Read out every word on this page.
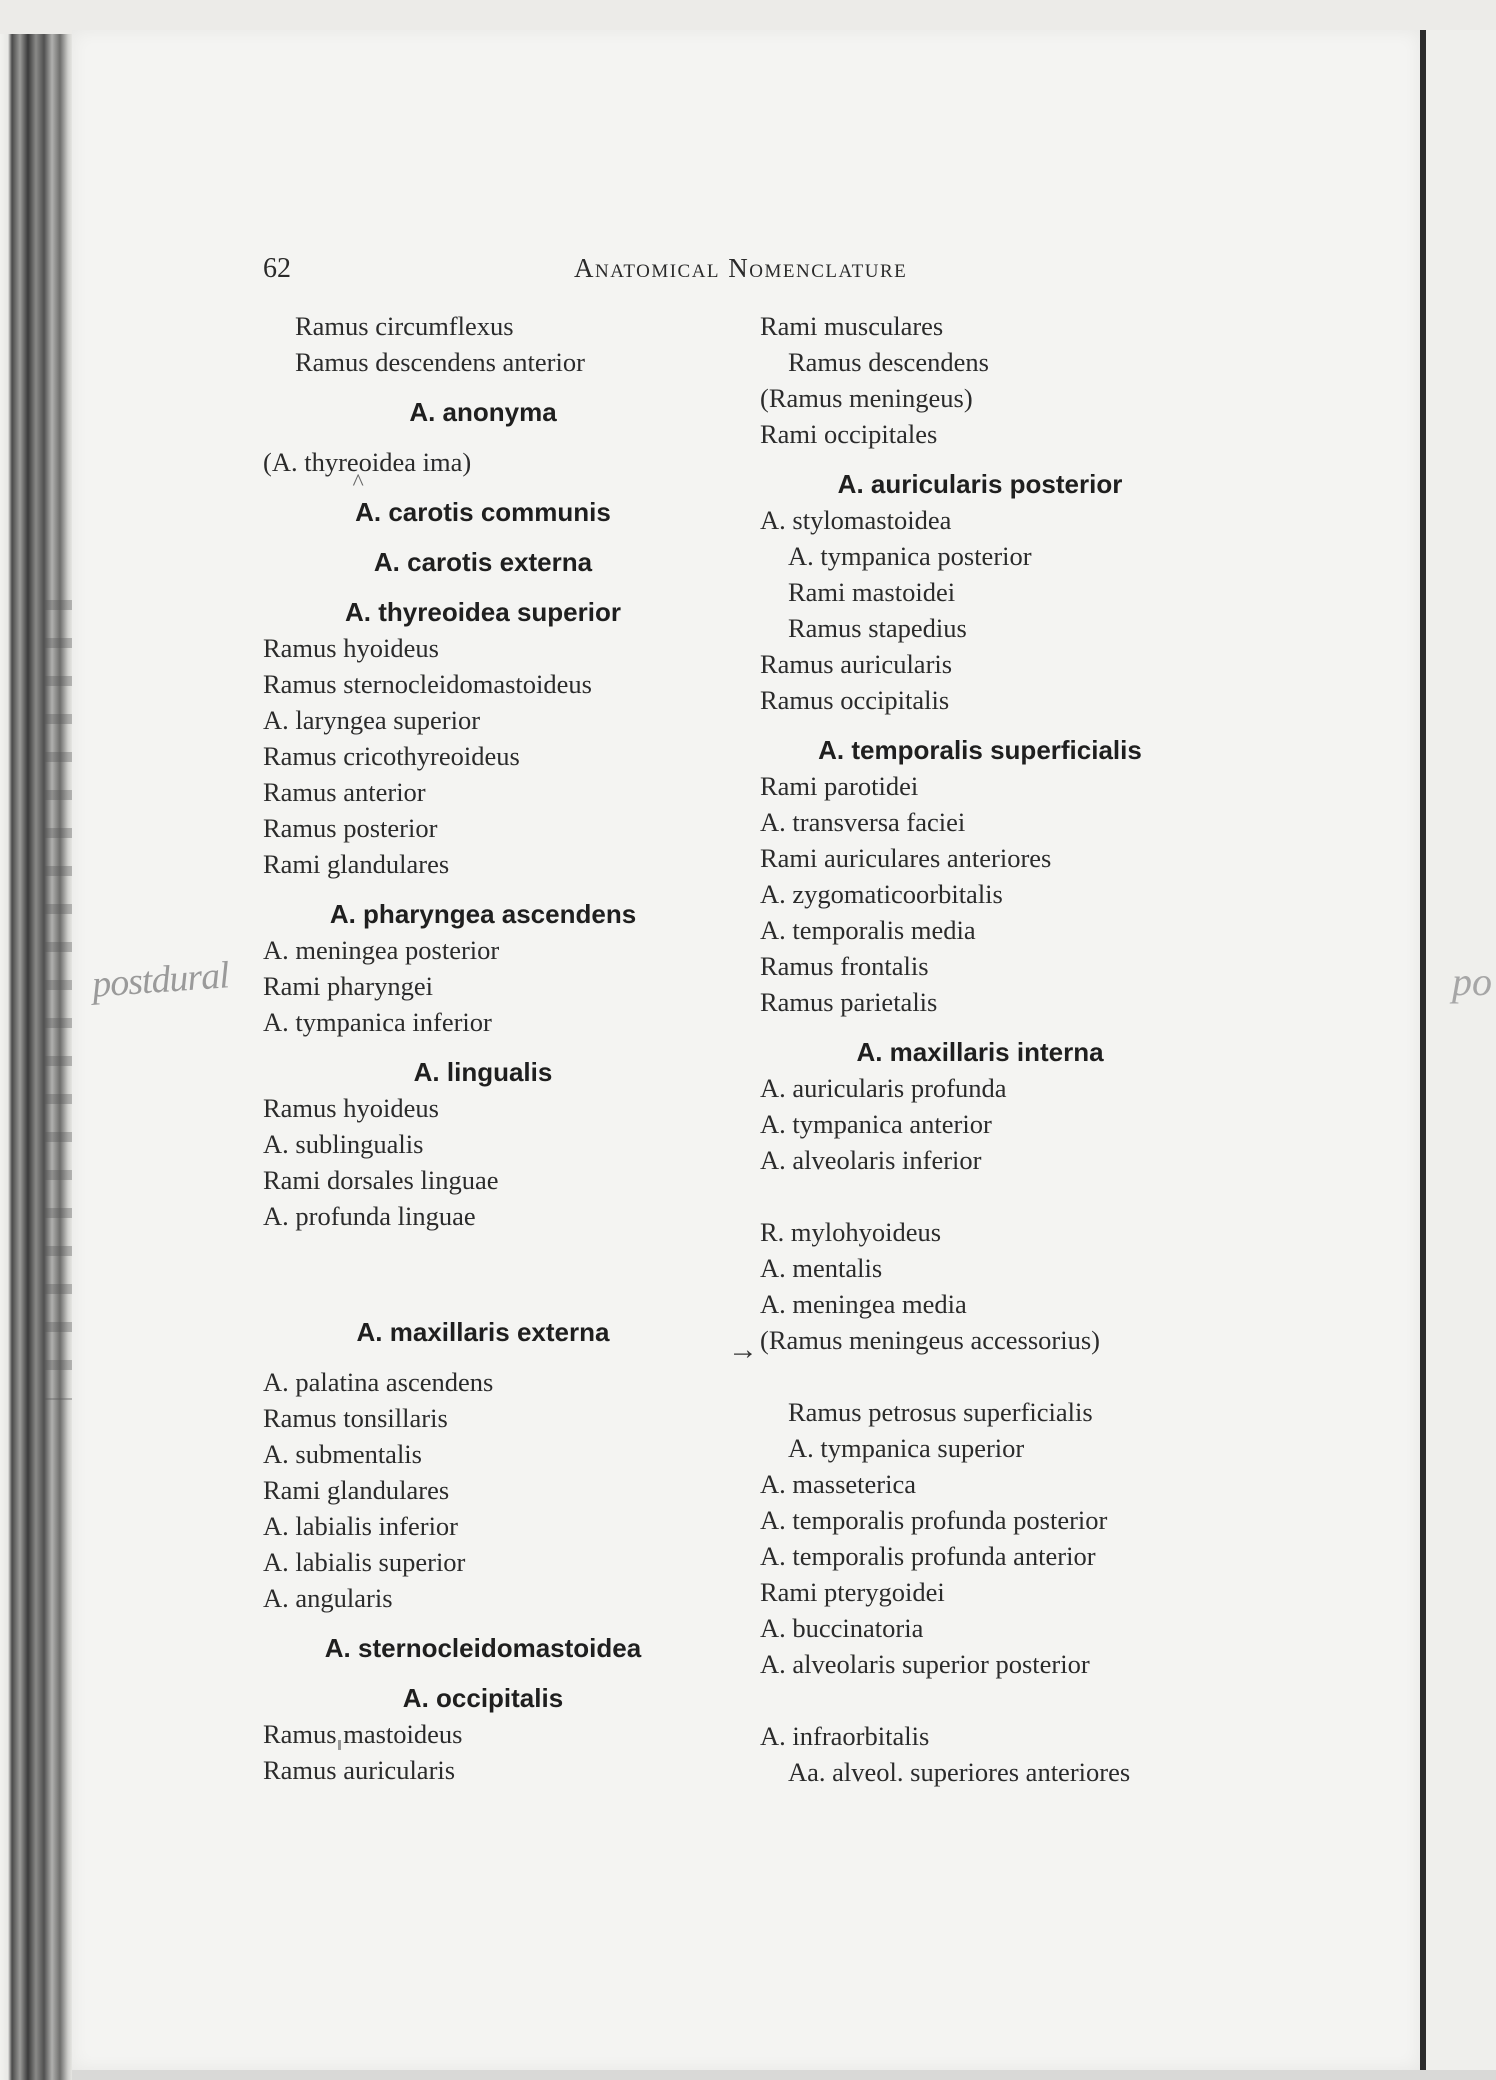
postdural	po
^
→
62	Anatomical Nomenclature
Ramus circumflexus
Ramus descendens anterior
A. anonyma
(A. thyreoidea ima)
A. carotis communis
A. carotis externa
A. thyreoidea superior
Ramus hyoideus
Ramus sternocleidomastoideus
A. laryngea superior
Ramus cricothyreoideus
Ramus anterior
Ramus posterior
Rami glandulares
A. pharyngea ascendens
A. meningea posterior
Rami pharyngei
A. tympanica inferior
A. lingualis
Ramus hyoideus
A. sublingualis
Rami dorsales linguae
A. profunda linguae
A. maxillaris externa
A. palatina ascendens
Ramus tonsillaris
A. submentalis
Rami glandulares
A. labialis inferior
A. labialis superior
A. angularis
A. sternocleidomastoidea
A. occipitalis
Ramus mastoideus
Ramus auricularis
Rami musculares
Ramus descendens
(Ramus meningeus)
Rami occipitales
A. auricularis posterior
A. stylomastoidea
A. tympanica posterior
Rami mastoidei
Ramus stapedius
Ramus auricularis
Ramus occipitalis
A. temporalis superficialis
Rami parotidei
A. transversa faciei
Rami auriculares anteriores
A. zygomaticoorbitalis
A. temporalis media
Ramus frontalis
Ramus parietalis
A. maxillaris interna
A. auricularis profunda
A. tympanica anterior
A. alveolaris inferior
R. mylohyoideus
A. mentalis
A. meningea media
(Ramus meningeus accessorius)
Ramus petrosus superficialis
A. tympanica superior
A. masseterica
A. temporalis profunda posterior
A. temporalis profunda anterior
Rami pterygoidei
A. buccinatoria
A. alveolaris superior posterior
A. infraorbitalis
Aa. alveol. superiores anteriores
